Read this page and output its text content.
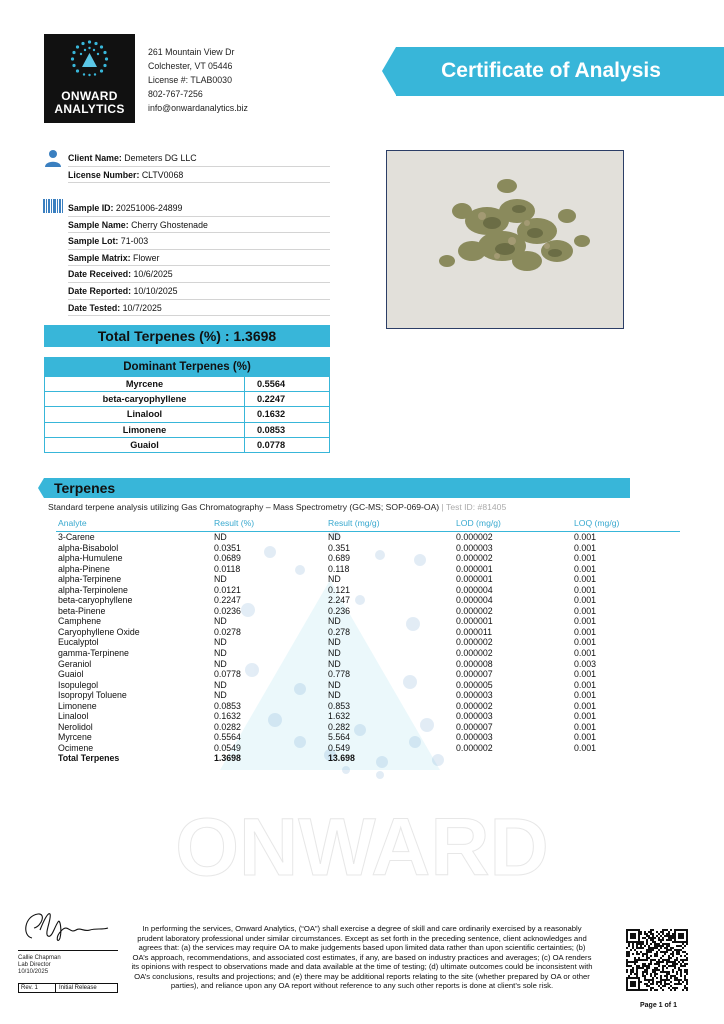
ONWARD
ANALYTICS
261 Mountain View Dr
Colchester, VT 05446
License #: TLAB0030
802-767-7256
info@onwardanalytics.biz
Certificate of Analysis
Client Name: Demeters DG LLC
License Number: CLTV0068
Sample ID: 20251006-24899
Sample Name: Cherry Ghostenade
Sample Lot: 71-003
Sample Matrix: Flower
Date Received: 10/6/2025
Date Reported: 10/10/2025
Date Tested: 10/7/2025
Total Terpenes (%) : 1.3698
Dominant Terpenes (%)
Myrcene	0.5564
beta-caryophyllene	0.2247
Linalool	0.1632
Limonene	0.0853
Guaiol	0.0778
ONWARD
Terpenes
Standard terpene analysis utilizing Gas Chromatography – Mass Spectrometry (GC-MS; SOP-069-OA) | Test ID: #81405
Analyte	Result (%)	Result (mg/g)	LOD (mg/g)	LOQ (mg/g)
3-Carene	ND	ND	0.000002	0.001
alpha-Bisabolol	0.0351	0.351	0.000003	0.001
alpha-Humulene	0.0689	0.689	0.000002	0.001
alpha-Pinene	0.0118	0.118	0.000001	0.001
alpha-Terpinene	ND	ND	0.000001	0.001
alpha-Terpinolene	0.0121	0.121	0.000004	0.001
beta-caryophyllene	0.2247	2.247	0.000004	0.001
beta-Pinene	0.0236	0.236	0.000002	0.001
Camphene	ND	ND	0.000001	0.001
Caryophyllene Oxide	0.0278	0.278	0.000011	0.001
Eucalyptol	ND	ND	0.000002	0.001
gamma-Terpinene	ND	ND	0.000002	0.001
Geraniol	ND	ND	0.000008	0.003
Guaiol	0.0778	0.778	0.000007	0.001
Isopulegol	ND	ND	0.000005	0.001
Isopropyl Toluene	ND	ND	0.000003	0.001
Limonene	0.0853	0.853	0.000002	0.001
Linalool	0.1632	1.632	0.000003	0.001
Nerolidol	0.0282	0.282	0.000007	0.001
Myrcene	0.5564	5.564	0.000003	0.001
Ocimene	0.0549	0.549	0.000002	0.001
Total Terpenes	1.3698	13.698
Callie Chapman
Lab Director
10/10/2025
Rev. 1	Initial Release
In performing the services, Onward Analytics, (“OA”) shall exercise a degree of skill and care ordinarily exercised by a reasonably prudent laboratory professional under similar circumstances. Except as set forth in the preceding sentence, client acknowledges and agrees that: (a) the services may require OA to make judgements based upon limited data rather than upon scientific certainties; (b) OA’s approach, recommendations, and associated cost estimates, if any, are based on industry practices and averages; (c) OA renders its opinions with respect to observations made and data available at the time of testing; (d) ultimate outcomes could be inconsistent with OA’s conclusions, results and projections; and (e) there may be additional reports relating to the site (whether prepared by OA or other parties), and reliance upon any OA report without reference to any such other reports is done at client’s sole risk.
Page 1 of 1
